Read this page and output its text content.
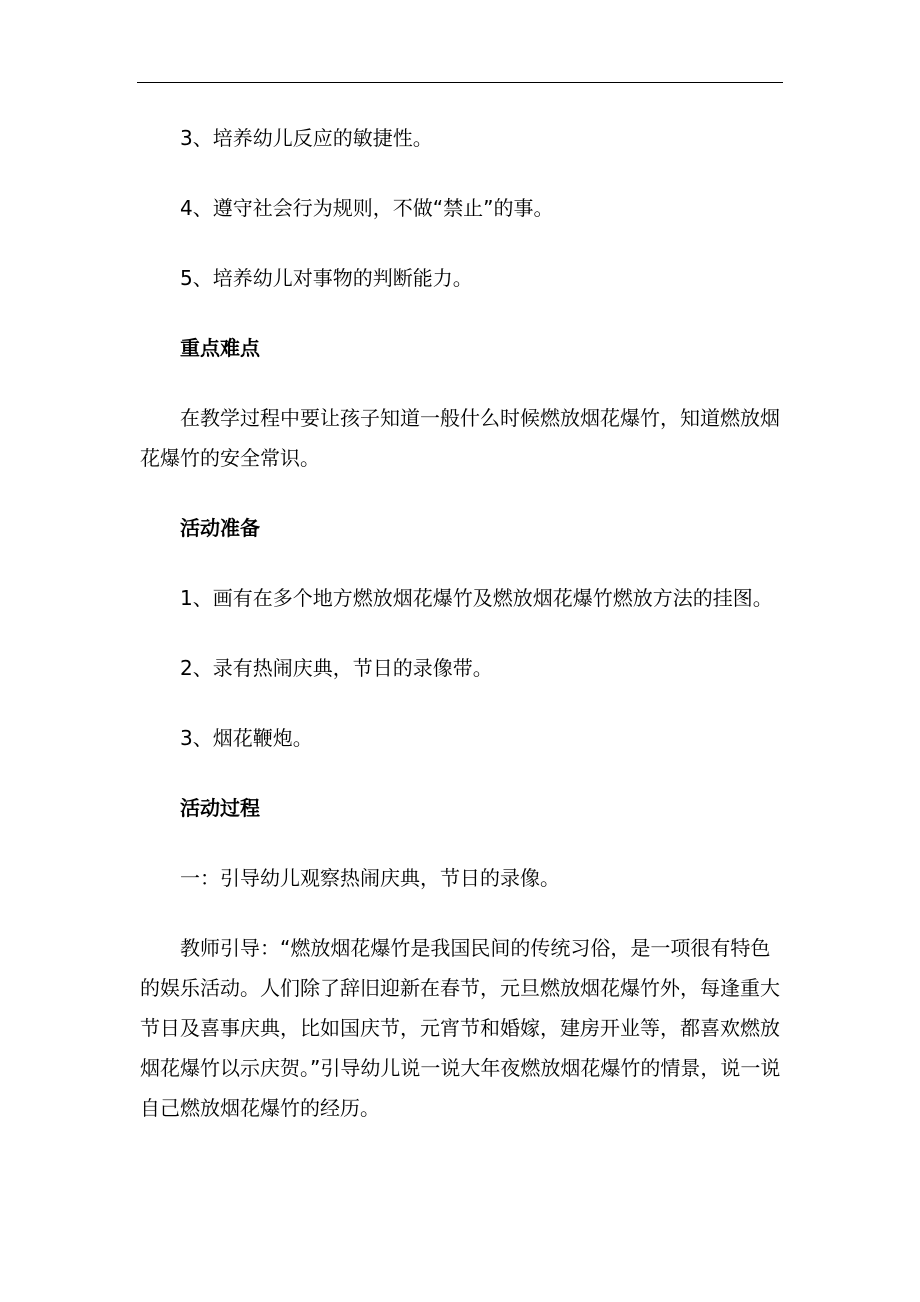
3、培养幼儿反应的敏捷性。
4、遵守社会行为规则，不做“禁止”的事。
5、培养幼儿对事物的判断能力。
重点难点

在教学过程中要让孩子知道一般什么时候燃放烟花爆竹，知道燃放烟花爆竹的安全常识。

活动准备
1、画有在多个地方燃放烟花爆竹及燃放烟花爆竹燃放方法的挂图。
2、录有热闹庆典，节日的录像带。
3、烟花鞭炮。
活动过程
一：引导幼儿观察热闹庆典，节日的录像。

教师引导：“燃放烟花爆竹是我国民间的传统习俗，是一项很有特色的娱乐活动。人们除了辞旧迎新在春节，元旦燃放烟花爆竹外，每逢重大节日及喜事庆典，比如国庆节，元宵节和婚嫁，建房开业等，都喜欢燃放烟花爆竹以示庆贺。”引导幼儿说一说大年夜燃放烟花爆竹的情景，说一说自己燃放烟花爆竹的经历。
